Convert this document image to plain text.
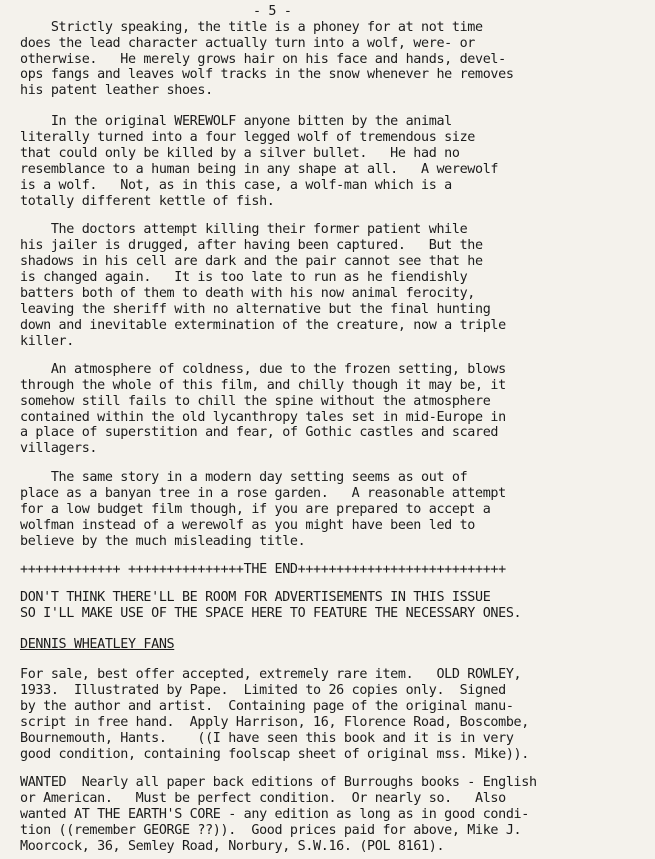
- 5 -
Strictly speaking, the title is a phoney for at not time
does the lead character actually turn into a wolf, were- or
otherwise.   He merely grows hair on his face and hands, devel-
ops fangs and leaves wolf tracks in the snow whenever he removes
his patent leather shoes.
In the original WEREWOLF anyone bitten by the animal
literally turned into a four legged wolf of tremendous size
that could only be killed by a silver bullet.   He had no
resemblance to a human being in any shape at all.   A werewolf
is a wolf.   Not, as in this case, a wolf-man which is a
totally different kettle of fish.
The doctors attempt killing their former patient while
his jailer is drugged, after having been captured.   But the
shadows in his cell are dark and the pair cannot see that he
is changed again.   It is too late to run as he fiendishly
batters both of them to death with his now animal ferocity,
leaving the sheriff with no alternative but the final hunting
down and inevitable extermination of the creature, now a triple
killer.
An atmosphere of coldness, due to the frozen setting, blows
through the whole of this film, and chilly though it may be, it
somehow still fails to chill the spine without the atmosphere
contained within the old lycanthropy tales set in mid-Europe in
a place of superstition and fear, of Gothic castles and scared
villagers.
The same story in a modern day setting seems as out of
place as a banyan tree in a rose garden.   A reasonable attempt
for a low budget film though, if you are prepared to accept a
wolfman instead of a werewolf as you might have been led to
believe by the much misleading title.
+++++++++++++ +++++++++++++++THE END+++++++++++++++++++++++++++
DON'T THINK THERE'LL BE ROOM FOR ADVERTISEMENTS IN THIS ISSUE
SO I'LL MAKE USE OF THE SPACE HERE TO FEATURE THE NECESSARY ONES.
DENNIS WHEATLEY FANS
For sale, best offer accepted, extremely rare item.   OLD ROWLEY,
1933.  Illustrated by Pape.  Limited to 26 copies only.  Signed
by the author and artist.  Containing page of the original manu-
script in free hand.  Apply Harrison, 16, Florence Road, Boscombe,
Bournemouth, Hants.    ((I have seen this book and it is in very
good condition, containing foolscap sheet of original mss. Mike)).
WANTED  Nearly all paper back editions of Burroughs books - English
or American.   Must be perfect condition.  Or nearly so.   Also
wanted AT THE EARTH'S CORE - any edition as long as in good condi-
tion ((remember GEORGE ??)).  Good prices paid for above, Mike J.
Moorcock, 36, Semley Road, Norbury, S.W.16. (POL 8161).
